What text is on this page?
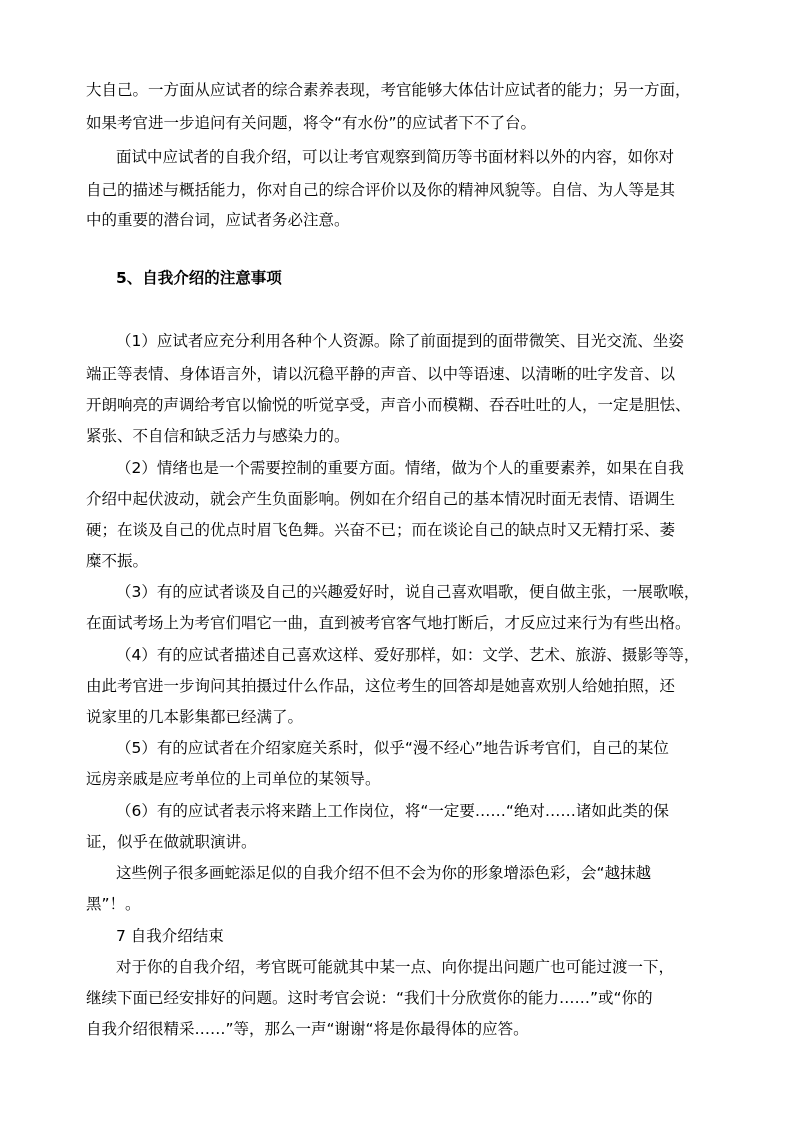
大自己。一方面从应试者的综合素养表现，考官能够大体估计应试者的能力；另一方面，
如果考官进一步追问有关问题，将令“有水份”的应试者下不了台。
面试中应试者的自我介绍，可以让考官观察到简历等书面材料以外的内容，如你对
自己的描述与概括能力，你对自己的综合评价以及你的精神风貌等。自信、为人等是其
中的重要的潜台词，应试者务必注意。
5、自我介绍的注意事项
（1）应试者应充分利用各种个人资源。除了前面提到的面带微笑、目光交流、坐姿
端正等表情、身体语言外，请以沉稳平静的声音、以中等语速、以清晰的吐字发音、以
开朗响亮的声调给考官以愉悦的听觉享受，声音小而模糊、吞吞吐吐的人，一定是胆怯、
紧张、不自信和缺乏活力与感染力的。
（2）情绪也是一个需要控制的重要方面。情绪，做为个人的重要素养，如果在自我
介绍中起伏波动，就会产生负面影响。例如在介绍自己的基本情况时面无表情、语调生
硬；在谈及自己的优点时眉飞色舞。兴奋不已；而在谈论自己的缺点时又无精打采、萎
糜不振。
（3）有的应试者谈及自己的兴趣爱好时，说自己喜欢唱歌，便自做主张，一展歌喉，
在面试考场上为考官们唱它一曲，直到被考官客气地打断后，才反应过来行为有些出格。
（4）有的应试者描述自己喜欢这样、爱好那样，如：文学、艺术、旅游、摄影等等，
由此考官进一步询问其拍摄过什么作品，这位考生的回答却是她喜欢别人给她拍照，还
说家里的几本影集都已经满了。
（5）有的应试者在介绍家庭关系时，似乎“漫不经心”地告诉考官们，自己的某位
远房亲戚是应考单位的上司单位的某领导。
（6）有的应试者表示将来踏上工作岗位，将“一定要……“绝对……诸如此类的保
证，似乎在做就职演讲。
这些例子很多画蛇添足似的自我介绍不但不会为你的形象增添色彩，会“越抹越
黑”！。
7 自我介绍结束
对于你的自我介绍，考官既可能就其中某一点、向你提出问题广也可能过渡一下，
继续下面已经安排好的问题。这时考官会说：“我们十分欣赏你的能力……”或“你的
自我介绍很精采……”等，那么一声“谢谢“将是你最得体的应答。
